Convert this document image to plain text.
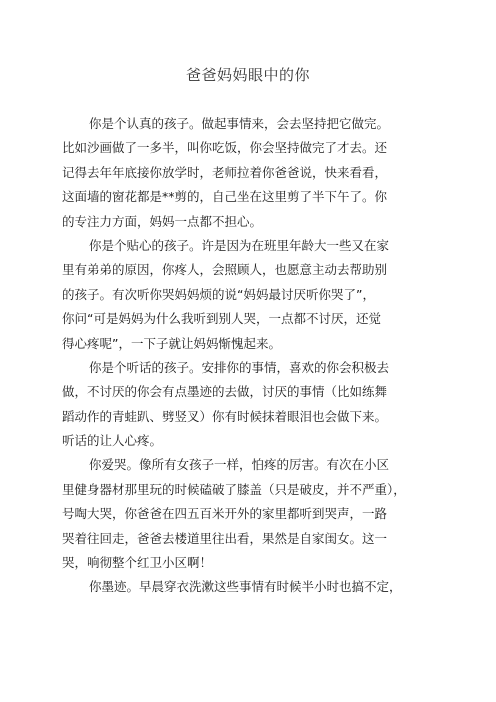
爸爸妈妈眼中的你
你是个认真的孩子。做起事情来，会去坚持把它做完。
比如沙画做了一多半，叫你吃饭，你会坚持做完了才去。还
记得去年年底接你放学时，老师拉着你爸爸说，快来看看，
这面墙的窗花都是**剪的，自己坐在这里剪了半下午了。你
的专注力方面，妈妈一点都不担心。
你是个贴心的孩子。许是因为在班里年龄大一些又在家
里有弟弟的原因，你疼人，会照顾人，也愿意主动去帮助别
的孩子。有次听你哭妈妈烦的说“妈妈最讨厌听你哭了”，
你问“可是妈妈为什么我听到别人哭，一点都不讨厌，还觉
得心疼呢”，一下子就让妈妈惭愧起来。
你是个听话的孩子。安排你的事情，喜欢的你会积极去
做，不讨厌的你会有点墨迹的去做，讨厌的事情（比如练舞
蹈动作的青蛙趴、劈竖叉）你有时候抹着眼泪也会做下来。
听话的让人心疼。
你爱哭。像所有女孩子一样，怕疼的厉害。有次在小区
里健身器材那里玩的时候磕破了膝盖（只是破皮，并不严重），
号啕大哭，你爸爸在四五百米开外的家里都听到哭声，一路
哭着往回走，爸爸去楼道里往出看，果然是自家闺女。这一
哭，响彻整个红卫小区啊！
你墨迹。早晨穿衣洗漱这些事情有时候半小时也搞不定，
